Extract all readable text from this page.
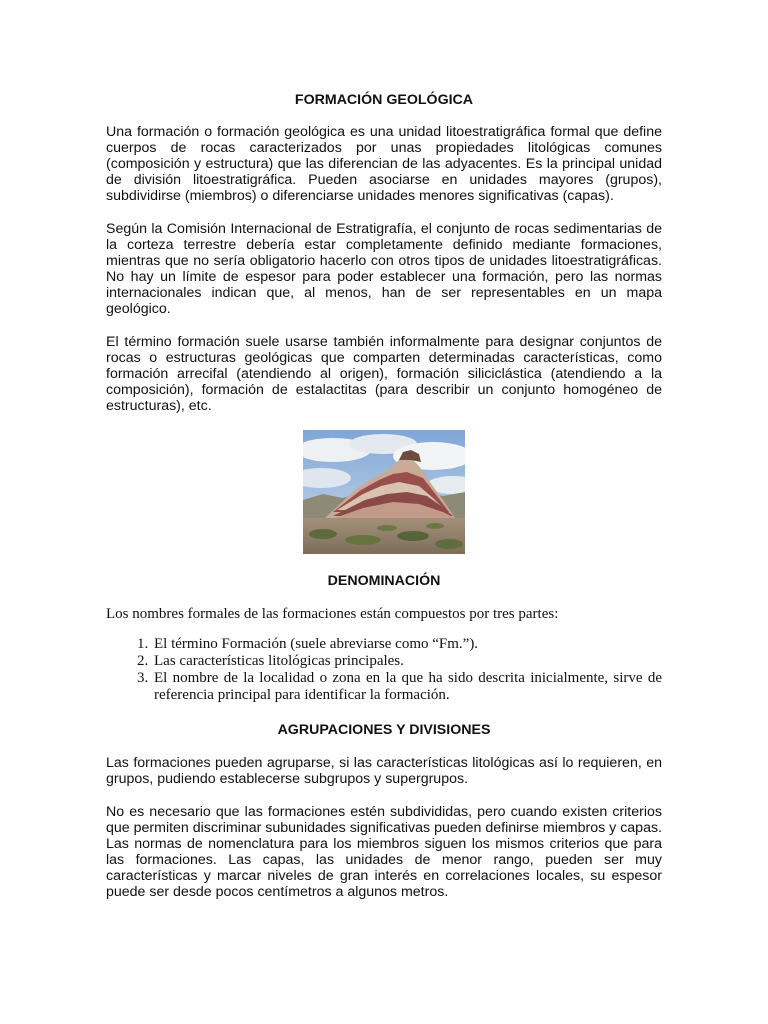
FORMACIÓN GEOLÓGICA

Una formación o formación geológica es una unidad litoestratigráfica formal que define cuerpos de rocas caracterizados por unas propiedades litológicas comunes (composición y estructura) que las diferencian de las adyacentes. Es la principal unidad de división litoestratigráfica. Pueden asociarse en unidades mayores (grupos), subdividirse (miembros) o diferenciarse unidades menores significativas (capas).

Según la Comisión Internacional de Estratigrafía, el conjunto de rocas sedimentarias de la corteza terrestre debería estar completamente definido mediante formaciones, mientras que no sería obligatorio hacerlo con otros tipos de unidades litoestratigráficas. No hay un límite de espesor para poder establecer una formación, pero las normas internacionales indican que, al menos, han de ser representables en un mapa geológico.

El término formación suele usarse también informalmente para designar conjuntos de rocas o estructuras geológicas que comparten determinadas características, como formación arrecifal (atendiendo al origen), formación siliciclástica (atendiendo a la composición), formación de estalactitas (para describir un conjunto homogéneo de estructuras), etc.

DENOMINACIÓN

Los nombres formales de las formaciones están compuestos por tres partes:

1. El término Formación (suele abreviarse como “Fm.”).
2. Las características litológicas principales.
3. El nombre de la localidad o zona en la que ha sido descrita inicialmente, sirve de referencia principal para identificar la formación.
AGRUPACIONES Y DIVISIONES

Las formaciones pueden agruparse, si las características litológicas así lo requieren, en grupos, pudiendo establecerse subgrupos y supergrupos.

No es necesario que las formaciones estén subdivididas, pero cuando existen criterios que permiten discriminar subunidades significativas pueden definirse miembros y capas. Las normas de nomenclatura para los miembros siguen los mismos criterios que para las formaciones. Las capas, las unidades de menor rango, pueden ser muy características y marcar niveles de gran interés en correlaciones locales, su espesor puede ser desde pocos centímetros a algunos metros.
